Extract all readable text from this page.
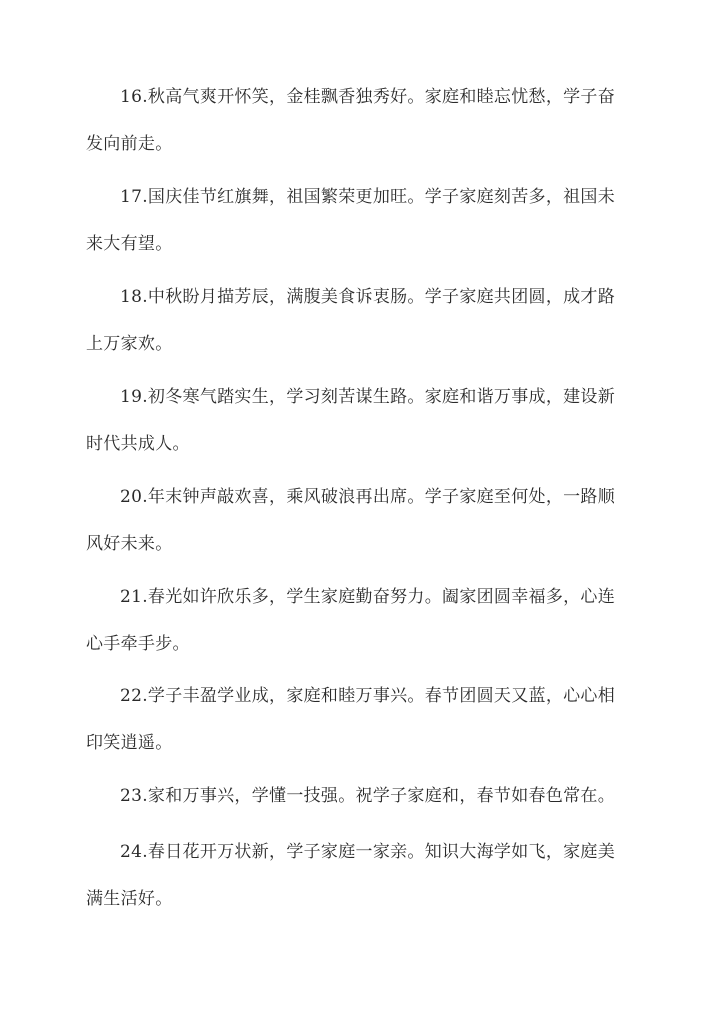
16.秋高气爽开怀笑，金桂飘香独秀好。家庭和睦忘忧愁，学子奋发向前走。

17.国庆佳节红旗舞，祖国繁荣更加旺。学子家庭刻苦多，祖国未来大有望。

18.中秋盼月描芳辰，满腹美食诉衷肠。学子家庭共团圆，成才路上万家欢。

19.初冬寒气踏实生，学习刻苦谋生路。家庭和谐万事成，建设新时代共成人。

20.年末钟声敲欢喜，乘风破浪再出席。学子家庭至何处，一路顺风好未来。

21.春光如许欣乐多，学生家庭勤奋努力。阖家团圆幸福多，心连心手牵手步。

22.学子丰盈学业成，家庭和睦万事兴。春节团圆天又蓝，心心相印笑逍遥。

23.家和万事兴，学懂一技强。祝学子家庭和，春节如春色常在。

24.春日花开万状新，学子家庭一家亲。知识大海学如飞，家庭美满生活好。
